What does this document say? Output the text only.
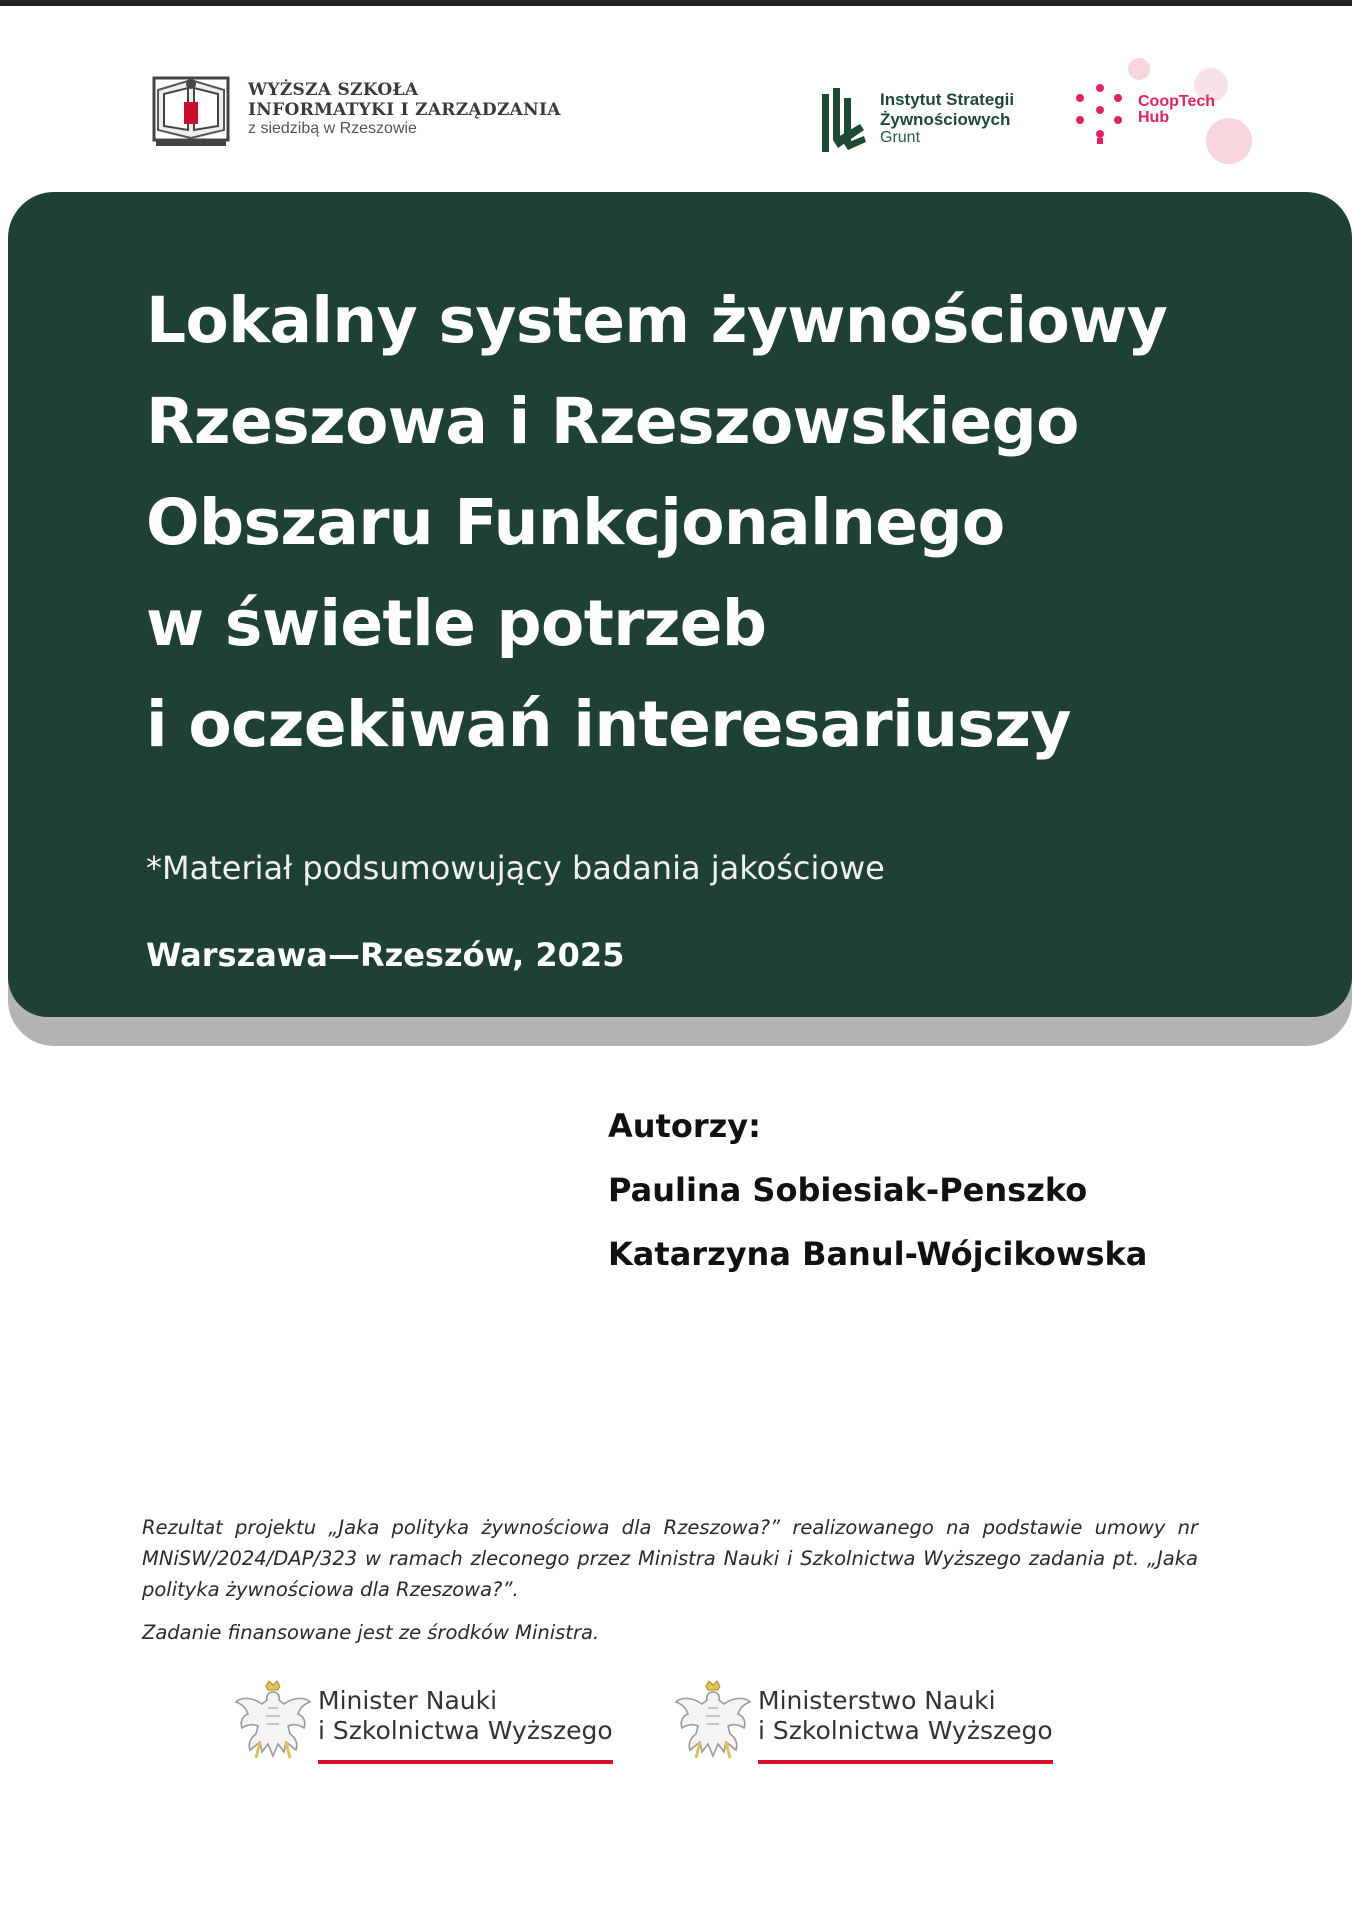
WYŻSZA SZKOŁA
INFORMATYKI I ZARZĄDZANIA
z siedzibą w Rzeszowie
Instytut Strategii
Żywnościowych
Grunt
CoopTech
Hub
Lokalny system żywnościowy
Rzeszowa i Rzeszowskiego
Obszaru Funkcjonalnego
w świetle potrzeb
i oczekiwań interesariuszy
*Materiał podsumowujący badania jakościowe
Warszawa—Rzeszów, 2025
Autorzy:
Paulina Sobiesiak-Penszko
Katarzyna Banul-Wójcikowska

Rezultat projektu „Jaka polityka żywnościowa dla Rzeszowa?” realizowanego na podstawie umowy nr MNiSW/2024/DAP/323 w ramach zleconego przez Ministra Nauki i Szkolnictwa Wyższego zadania pt. „Jaka polityka żywnościowa dla Rzeszowa?”.

Zadanie finansowane jest ze środków Ministra.

Minister Nauki
i Szkolnictwa Wyższego
Ministerstwo Nauki
i Szkolnictwa Wyższego
